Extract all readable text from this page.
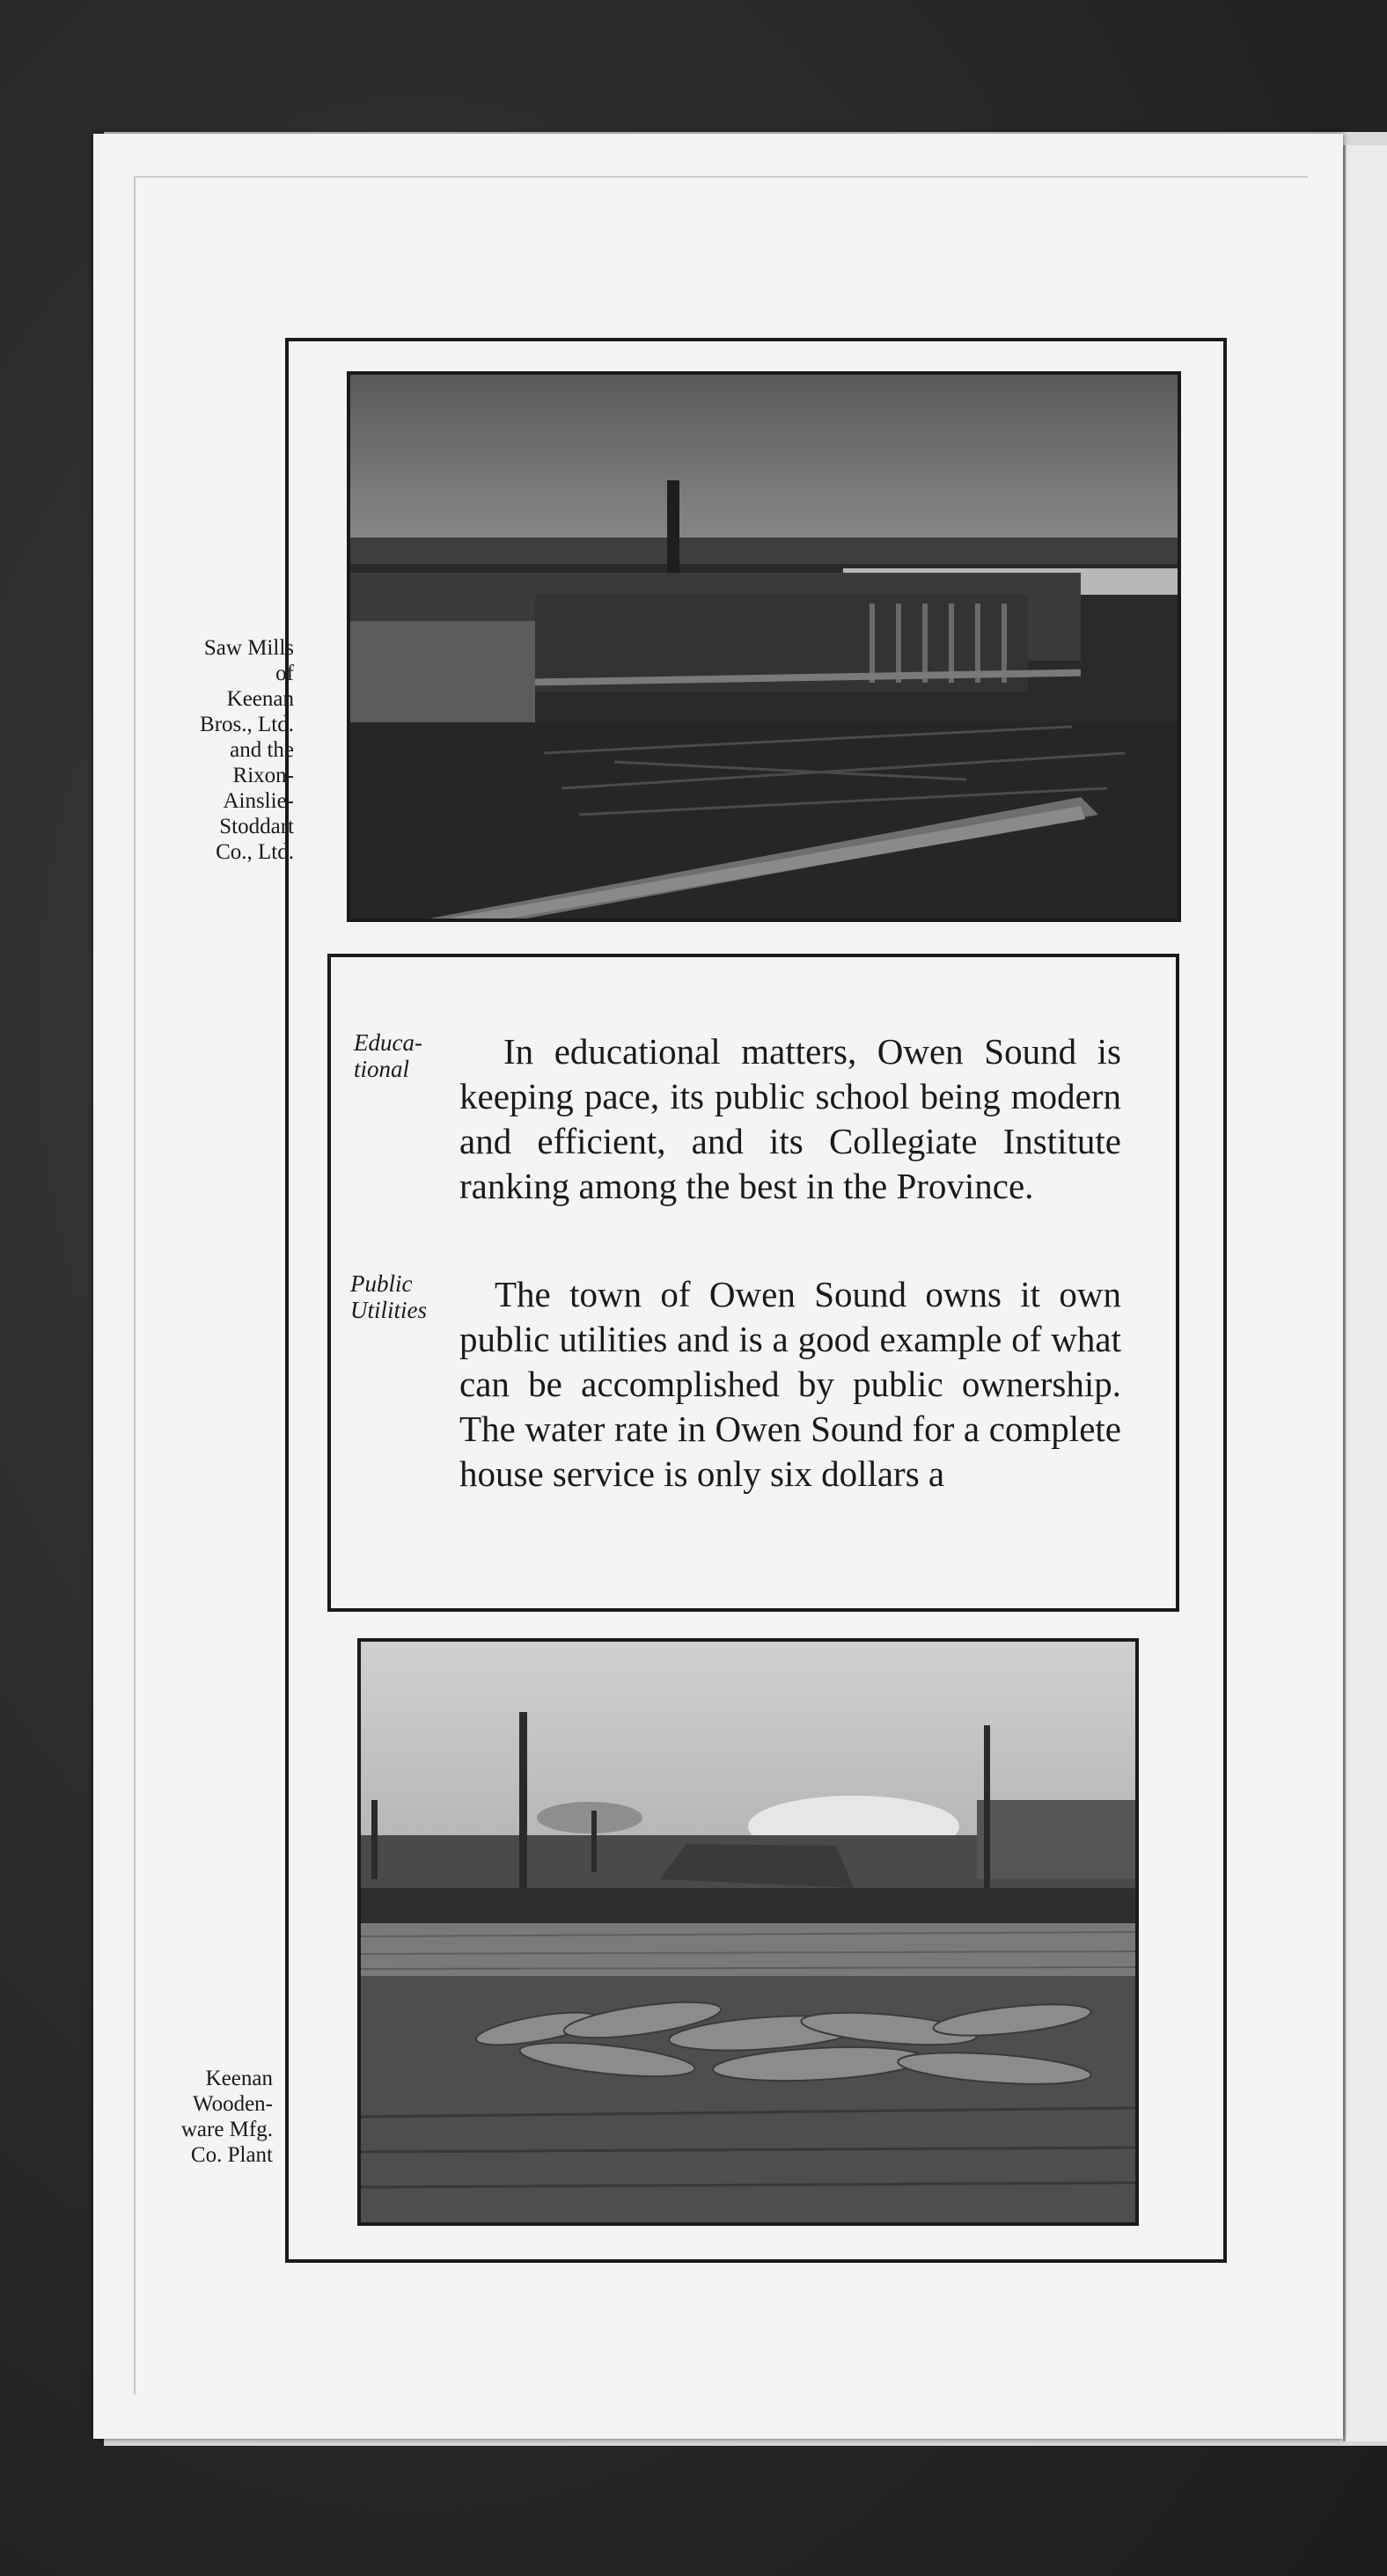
Saw Mills
of
Keenan
Bros., Ltd.
and the
Rixon-
Ainslie-
Stoddart
Co., Ltd.
Educa-
tional	In educational matters, Owen Sound is keeping pace, its public school being modern and efficient, and its Collegiate Institute ranking among the best in the Province.
Public
Utilities	The town of Owen Sound owns it own public utilities and is a good example of what can be accomplished by public ownership. The water rate in Owen Sound for a complete house service is only six dollars a
Keenan
Wooden-
ware Mfg.
Co. Plant
